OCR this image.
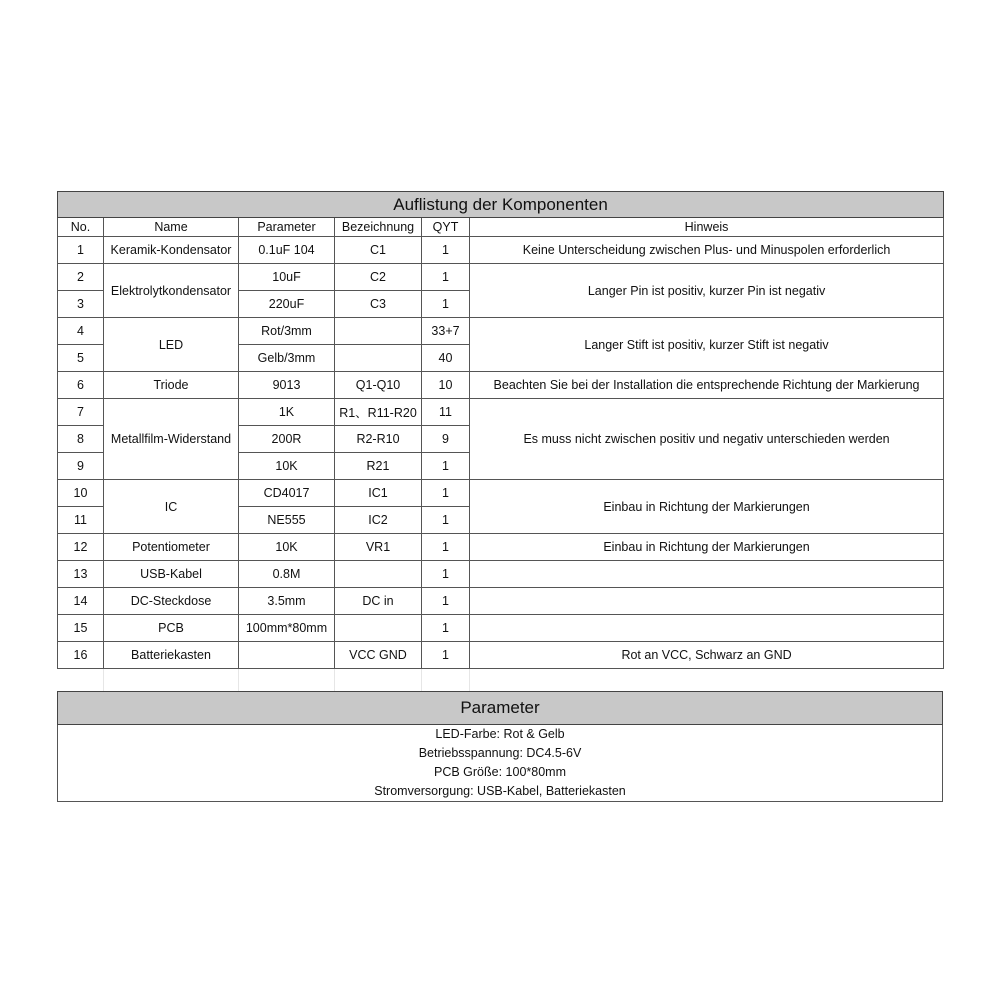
Auflistung der Komponenten					
No.	Name	Parameter	Bezeichnung	QYT	Hinweis
1	Keramik-Kondensator	0.1uF 104	C1	1	Keine Unterscheidung zwischen Plus- und Minuspolen erforderlich
2	Elektrolytkondensator	10uF	C2	1	Langer Pin ist positiv, kurzer Pin ist negativ
3		220uF	C3	1	
4	LED	Rot/3mm		33+7	Langer Stift ist positiv, kurzer Stift ist negativ
5		Gelb/3mm		40	
6	Triode	9013	Q1-Q10	10	Beachten Sie bei der Installation die entsprechende Richtung der Markierung
7	Metallfilm-Widerstand	1K	R1、R11-R20	11	Es muss nicht zwischen positiv und negativ unterschieden werden
8		200R	R2-R10	9	
9		10K	R21	1	
10	IC	CD4017	IC1	1	Einbau in Richtung der Markierungen
11		NE555	IC2	1	
12	Potentiometer	10K	VR1	1	Einbau in Richtung der Markierungen
13	USB-Kabel	0.8M		1	
14	DC-Steckdose	3.5mm	DC in	1	
15	PCB	100mm*80mm		1	
16	Batteriekasten		VCC GND	1	Rot an VCC, Schwarz an GND

Parameter

LED-Farbe: Rot & Gelb
Betriebsspannung: DC4.5-6V
PCB Größe: 100*80mm
Stromversorgung: USB-Kabel, Batteriekasten
